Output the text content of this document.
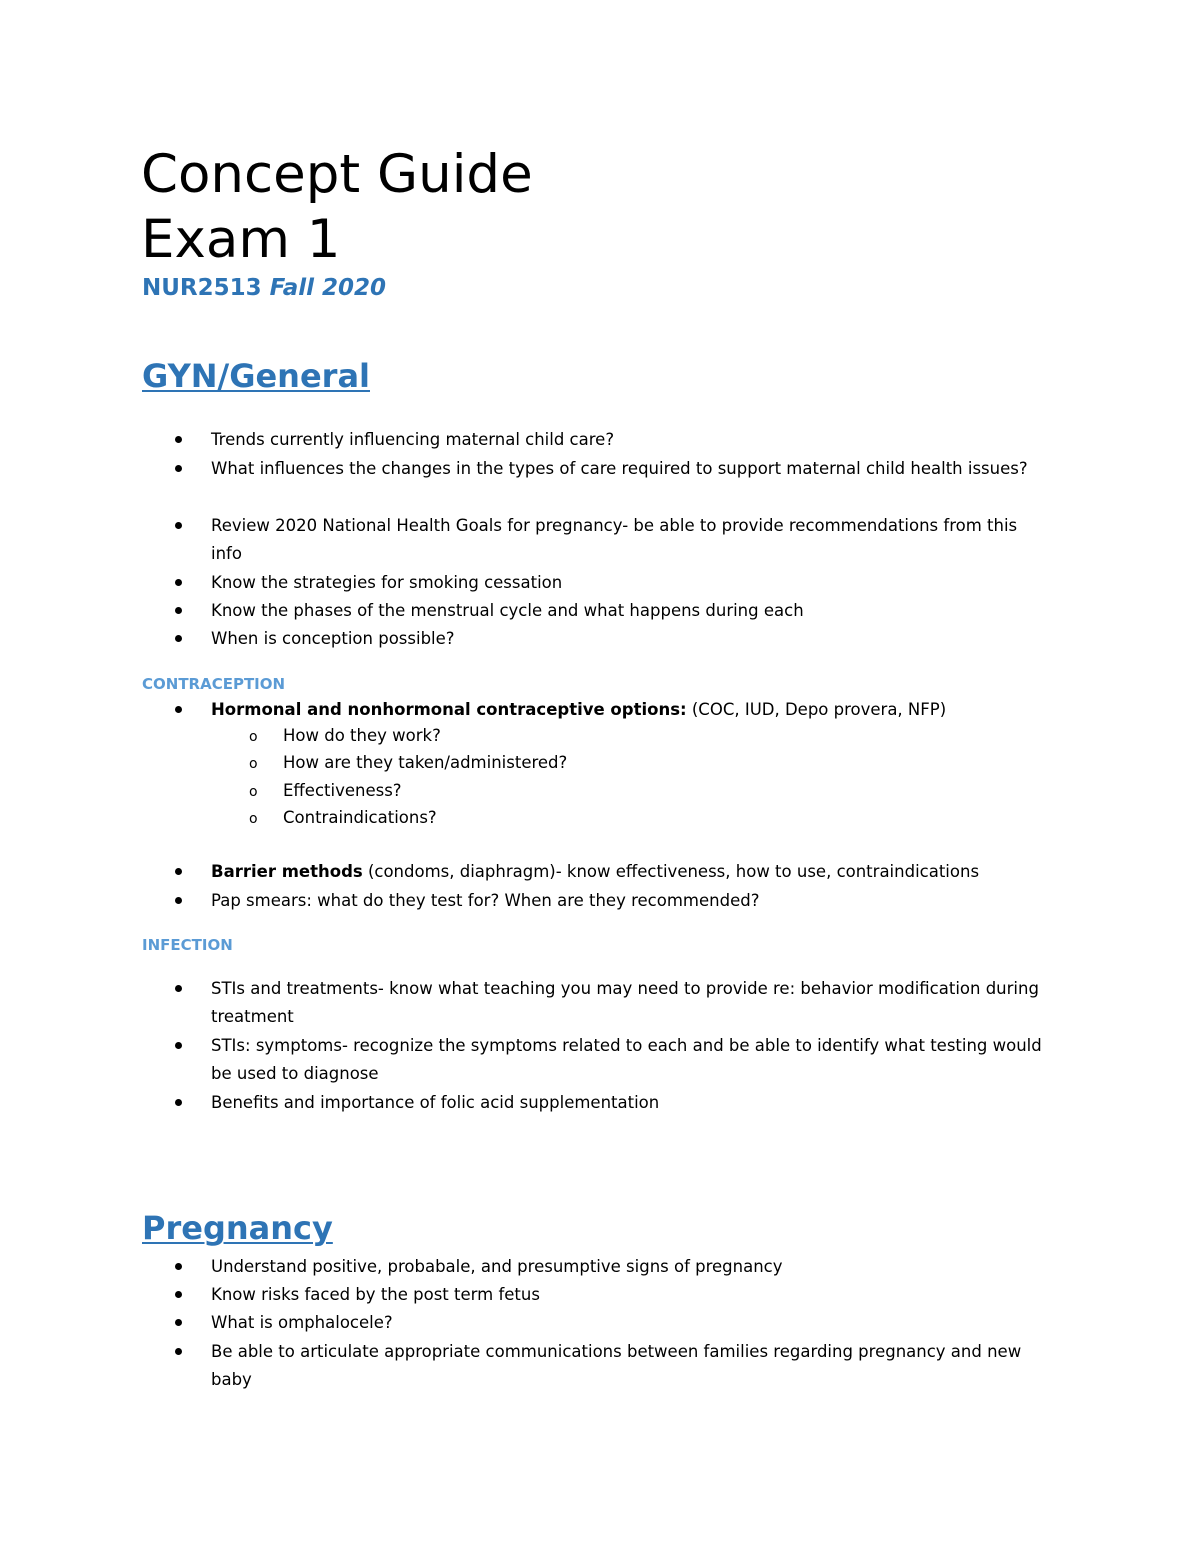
Concept Guide
Exam 1
NUR2513 Fall 2020
GYN/General
Trends currently influencing maternal child care?
What influences the changes in the types of care required to support maternal child health issues?
Review 2020 National Health Goals for pregnancy- be able to provide recommendations from this info
Know the strategies for smoking cessation
Know the phases of the menstrual cycle and what happens during each
When is conception possible?
CONTRACEPTION
Hormonal and nonhormonal contraceptive options: (COC, IUD, Depo provera, NFP)
o	How do they work?
o	How are they taken/administered?
o	Effectiveness?
o	Contraindications?
Barrier methods (condoms, diaphragm)- know effectiveness, how to use, contraindications
Pap smears: what do they test for? When are they recommended?
INFECTION
STIs and treatments- know what teaching you may need to provide re: behavior modification during treatment
STIs: symptoms- recognize the symptoms related to each and be able to identify what testing would be used to diagnose
Benefits and importance of folic acid supplementation
Pregnancy
Understand positive, probabale, and presumptive signs of pregnancy
Know risks faced by the post term fetus
What is omphalocele?
Be able to articulate appropriate communications between families regarding pregnancy and new baby
